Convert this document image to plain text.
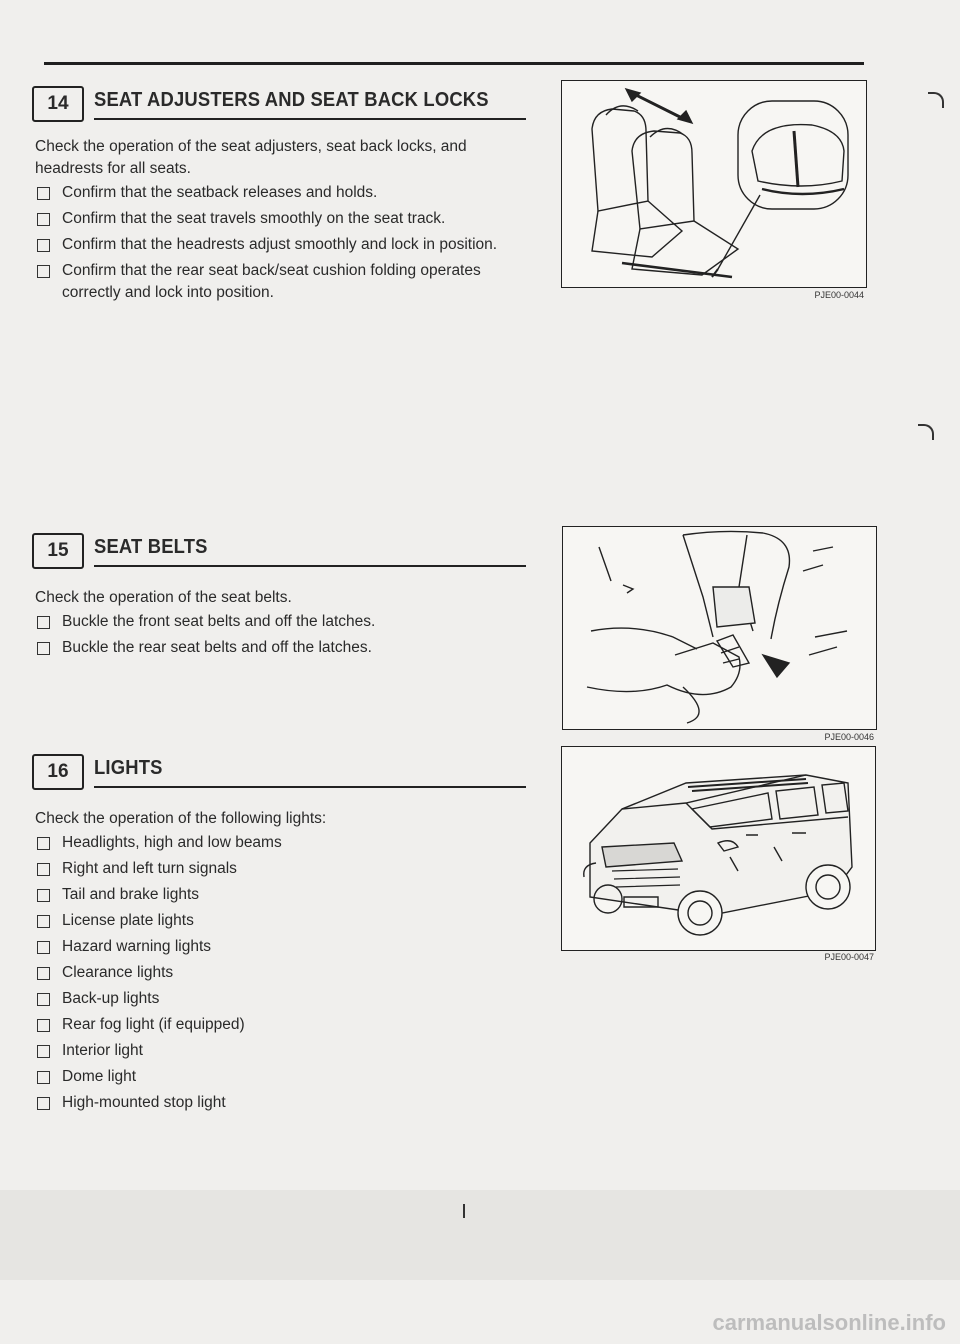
14	SEAT ADJUSTERS AND SEAT BACK LOCKS

Check the operation of the seat adjusters, seat back locks, and headrests for all seats.

Confirm that the seatback releases and holds.
Confirm that the seat travels smoothly on the seat track.
Confirm that the headrests adjust smoothly and lock in position.
Confirm that the rear seat back/seat cushion folding operates correctly and lock into position.
15	SEAT BELTS

Check the operation of the seat belts.

Buckle the front seat belts and off the latches.
Buckle the rear seat belts and off the latches.
16	LIGHTS

Check the operation of the following lights:

Headlights, high and low beams
Right and left turn signals
Tail and brake lights
License plate lights
Hazard warning lights
Clearance lights
Back-up lights
Rear fog light (if equipped)
Interior light
Dome light
High-mounted stop light
PJE00-0044
PJE00-0046
PJE00-0047
carmanualsonline.info
